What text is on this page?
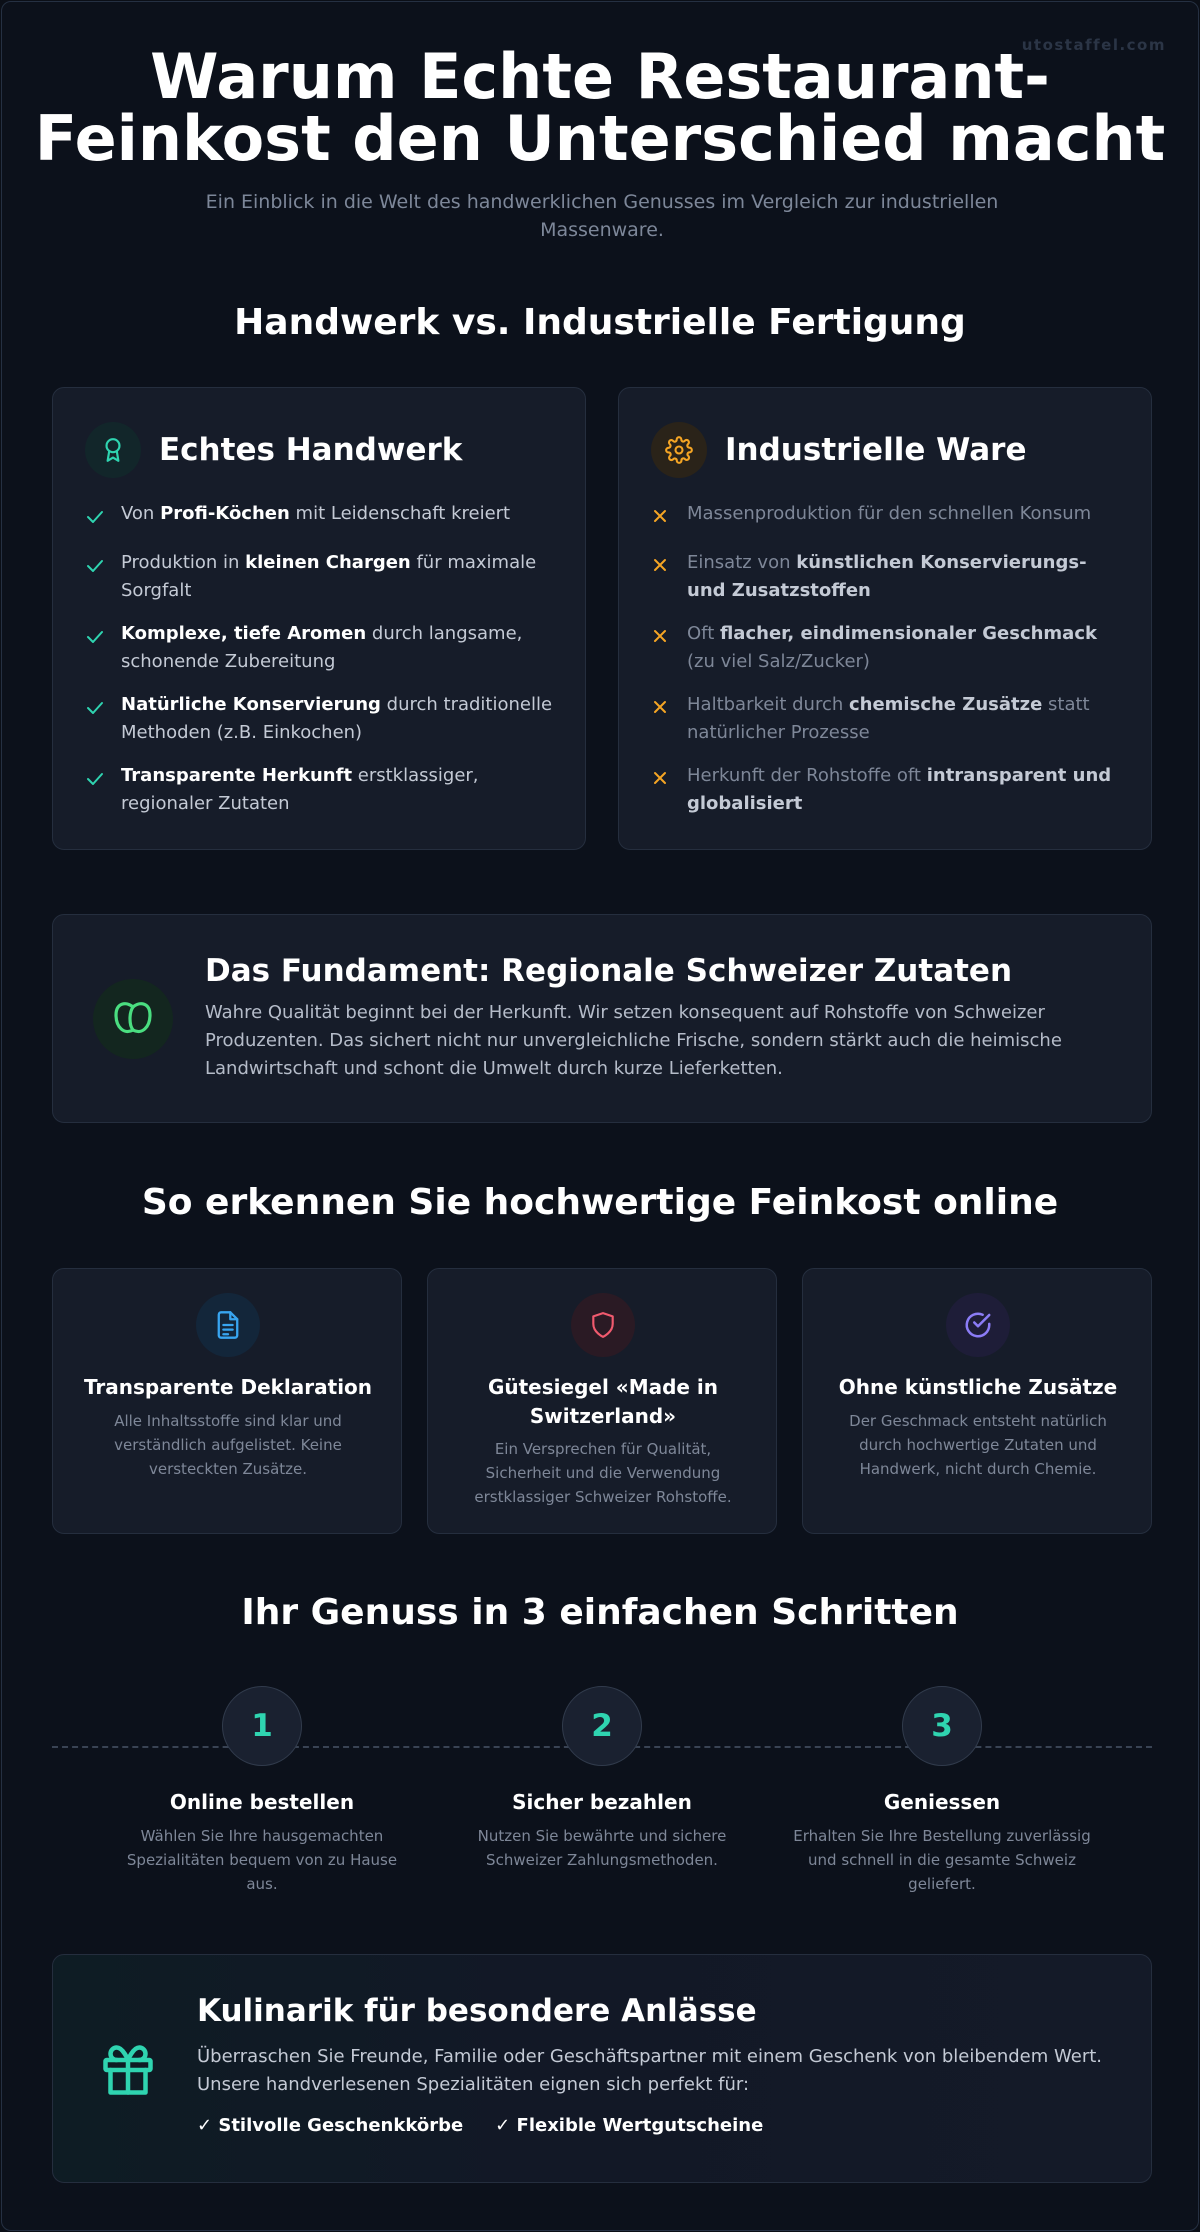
utostaffel.com
Warum Echte Restaurant-
Feinkost den Unterschied macht

Ein Einblick in die Welt des handwerklichen Genusses im Vergleich zur industriellen Massenware.

Handwerk vs. Industrielle Fertigung
Echtes Handwerk
Von Profi-Köchen mit Leidenschaft kreiert
Produktion in kleinen Chargen für maximale Sorgfalt
Komplexe, tiefe Aromen durch langsame, schonende Zubereitung
Natürliche Konservierung durch traditionelle Methoden (z.B. Einkochen)
Transparente Herkunft erstklassiger, regionaler Zutaten
Industrielle Ware
Massenproduktion für den schnellen Konsum
Einsatz von künstlichen Konservierungs- und Zusatzstoffen
Oft flacher, eindimensionaler Geschmack (zu viel Salz/Zucker)
Haltbarkeit durch chemische Zusätze statt natürlicher Prozesse
Herkunft der Rohstoffe oft intransparent und globalisiert
Das Fundament: Regionale Schweizer Zutaten

Wahre Qualität beginnt bei der Herkunft. Wir setzen konsequent auf Rohstoffe von Schweizer Produzenten. Das sichert nicht nur unvergleichliche Frische, sondern stärkt auch die heimische Landwirtschaft und schont die Umwelt durch kurze Lieferketten.

So erkennen Sie hochwertige Feinkost online
Transparente Deklaration

Alle Inhaltsstoffe sind klar und verständlich aufgelistet. Keine versteckten Zusätze.

Gütesiegel «Made in Switzerland»

Ein Versprechen für Qualität, Sicherheit und die Verwendung erstklassiger Schweizer Rohstoffe.

Ohne künstliche Zusätze

Der Geschmack entsteht natürlich durch hochwertige Zutaten und Handwerk, nicht durch Chemie.

Ihr Genuss in 3 einfachen Schritten
1
Online bestellen

Wählen Sie Ihre hausgemachten Spezialitäten bequem von zu Hause aus.

2
Sicher bezahlen

Nutzen Sie bewährte und sichere Schweizer Zahlungsmethoden.

3
Geniessen

Erhalten Sie Ihre Bestellung zuverlässig und schnell in die gesamte Schweiz geliefert.

Kulinarik für besondere Anlässe

Überraschen Sie Freunde, Familie oder Geschäftspartner mit einem Geschenk von bleibendem Wert. Unsere handverlesenen Spezialitäten eignen sich perfekt für:

✓ Stilvolle Geschenkkörbe ✓ Flexible Wertgutscheine
